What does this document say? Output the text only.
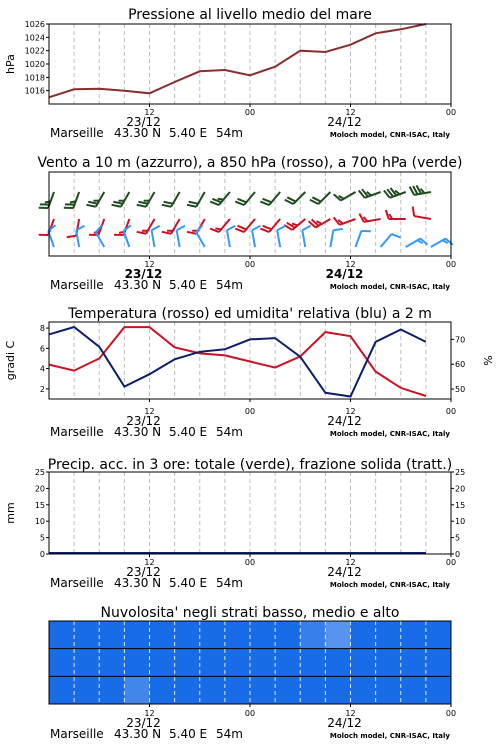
Pressione al livello medio del mare
12	00	12	00
23/12	24/12
Marseille 43.30 N 5.40 E 54m	Moloch model, CNR-ISAC, Italy
1016
1018
1020
1022
1024
1026
hPa
Vento a 10 m (azzurro), a 850 hPa (rosso), a 700 hPa (verde)
12	00	12	00
23/12	24/12
Marseille 43.30 N 5.40 E 54m	Moloch model, CNR-ISAC, Italy
Temperatura (rosso) ed umidita' relativa (blu) a 2 m
12	00	12	00
23/12	24/12
Marseille 43.30 N 5.40 E 54m	Moloch model, CNR-ISAC, Italy
2
4
6
8
50
60
70
gradi C	%
Precip. acc. in 3 ore: totale (verde), frazione solida (tratt.)
12	00	12	00
23/12	24/12
Marseille 43.30 N 5.40 E 54m	Moloch model, CNR-ISAC, Italy
0
5
10
15
20
25
0
5
10
15
20
25
mm
Nuvolosita' negli strati basso, medio e alto
12	00	12	00
23/12	24/12
Marseille 43.30 N 5.40 E 54m	Moloch model, CNR-ISAC, Italy
